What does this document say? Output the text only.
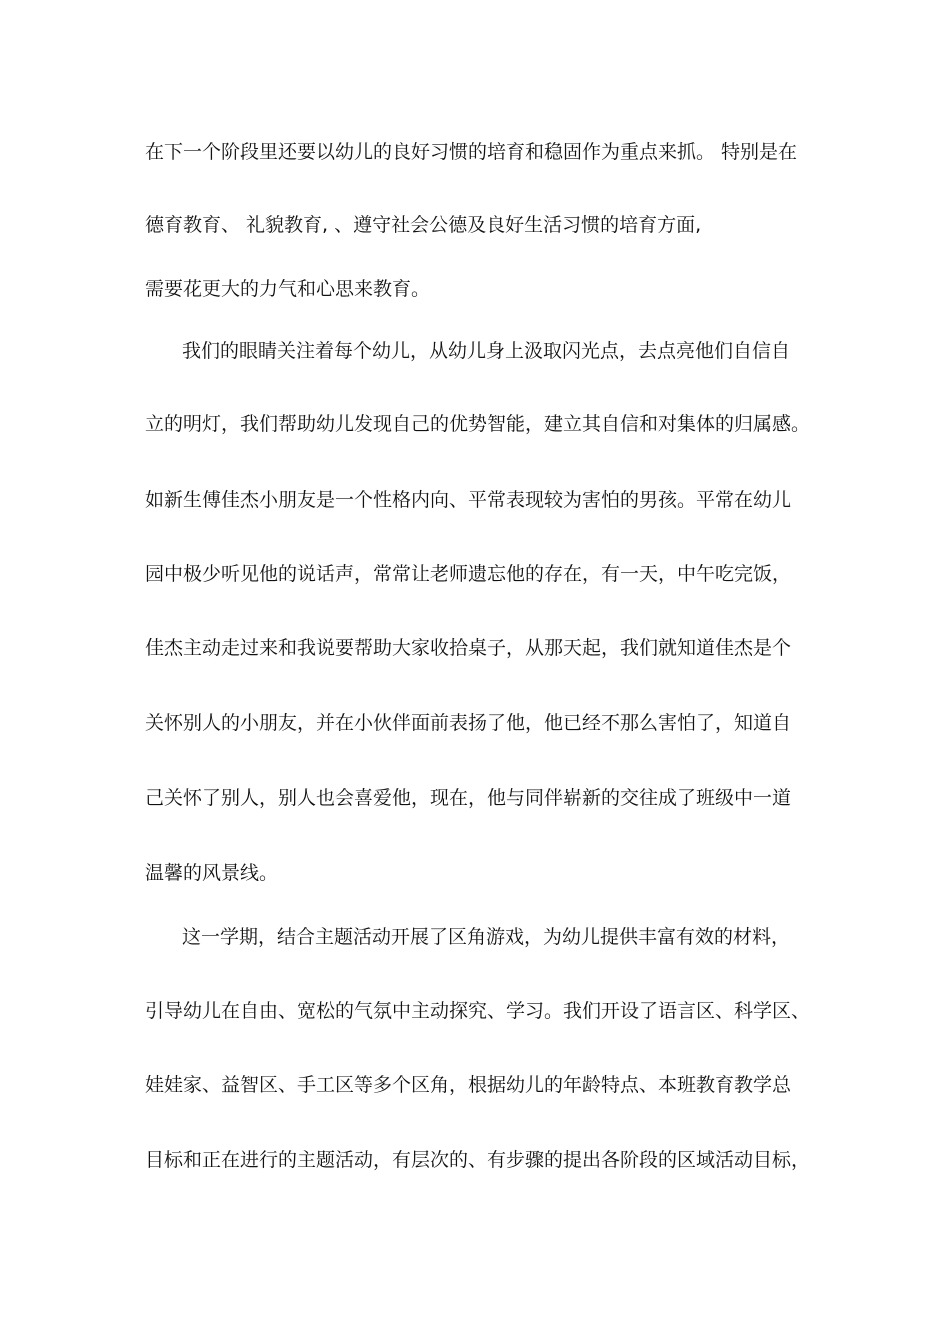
在下一个阶段里还要以幼儿的良好习惯的培育和稳固作为重点来抓。 特别是在
德育教育、 礼貌教育, 、遵守社会公德及良好生活习惯的培育方面,
需要花更大的力气和心思来教育。
我们的眼睛关注着每个幼儿，从幼儿身上汲取闪光点，去点亮他们自信自
立的明灯，我们帮助幼儿发现自己的优势智能，建立其自信和对集体的归属感。
如新生傅佳杰小朋友是一个性格内向、平常表现较为害怕的男孩。平常在幼儿
园中极少听见他的说话声，常常让老师遗忘他的存在，有一天，中午吃完饭，
佳杰主动走过来和我说要帮助大家收拾桌子，从那天起，我们就知道佳杰是个
关怀别人的小朋友，并在小伙伴面前表扬了他，他已经不那么害怕了，知道自
己关怀了别人，别人也会喜爱他，现在，他与同伴崭新的交往成了班级中一道
温馨的风景线。
这一学期，结合主题活动开展了区角游戏，为幼儿提供丰富有效的材料，
引导幼儿在自由、宽松的气氛中主动探究、学习。我们开设了语言区、科学区、
娃娃家、益智区、手工区等多个区角，根据幼儿的年龄特点、本班教育教学总
目标和正在进行的主题活动，有层次的、有步骤的提出各阶段的区域活动目标，
